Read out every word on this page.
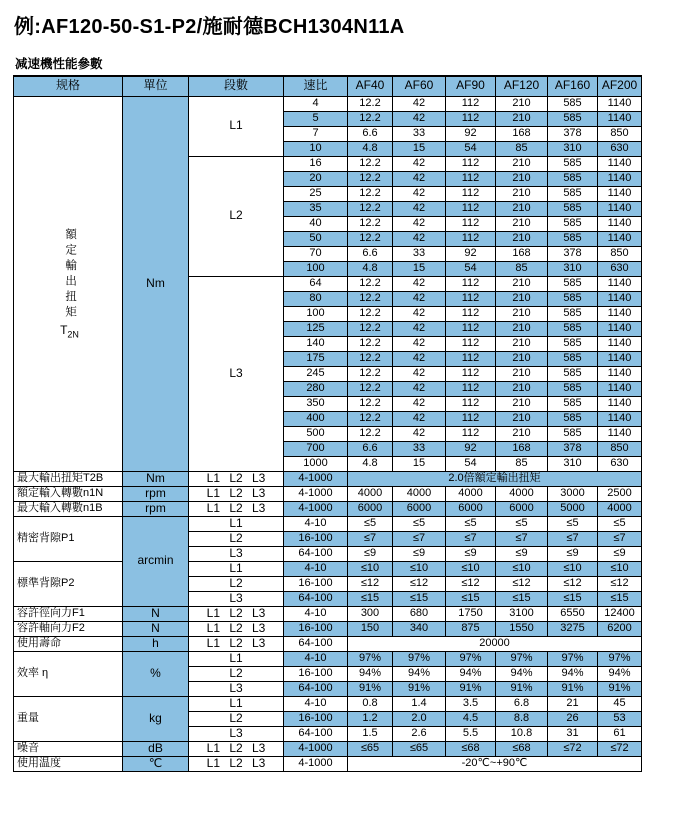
例:AF120-50-S1-P2/施耐德BCH1304N11A
减速機性能參數
规格	單位	段數	速比	AF40	AF60	AF90	AF120	AF160	AF200

額定輸出扭矩
$T_{2N}$	Nm	L1	4	12.2	42	112	210	585	1140
			5	12.2	42	112	210	585	1140
			7	6.6	33	92	168	378	850
			10	4.8	15	54	85	310	630
		L2	16	12.2	42	112	210	585	1140
			20	12.2	42	112	210	585	1140
			25	12.2	42	112	210	585	1140
			35	12.2	42	112	210	585	1140
			40	12.2	42	112	210	585	1140
			50	12.2	42	112	210	585	1140
			70	6.6	33	92	168	378	850
			100	4.8	15	54	85	310	630
		L3	64	12.2	42	112	210	585	1140
			80	12.2	42	112	210	585	1140
			100	12.2	42	112	210	585	1140
			125	12.2	42	112	210	585	1140
			140	12.2	42	112	210	585	1140
			175	12.2	42	112	210	585	1140
			245	12.2	42	112	210	585	1140
			280	12.2	42	112	210	585	1140
			350	12.2	42	112	210	585	1140
			400	12.2	42	112	210	585	1140
			500	12.2	42	112	210	585	1140
			700	6.6	33	92	168	378	850
			1000	4.8	15	54	85	310	630
最大輸出扭矩T2B	Nm	L1 L2 L3	4-1000	2.0倍額定輸出扭矩					
額定輸入轉數n1N	rpm	L1 L2 L3	4-1000	4000	4000	4000	4000	3000	2500
最大輸入轉數n1B	rpm	L1 L2 L3	4-1000	6000	6000	6000	6000	5000	4000
精密背隙P1	arcmin	L1	4-10	≤5	≤5	≤5	≤5	≤5	≤5
		L2	16-100	≤7	≤7	≤7	≤7	≤7	≤7
		L3	64-100	≤9	≤9	≤9	≤9	≤9	≤9
標準背隙P2		L1	4-10	≤10	≤10	≤10	≤10	≤10	≤10
		L2	16-100	≤12	≤12	≤12	≤12	≤12	≤12
		L3	64-100	≤15	≤15	≤15	≤15	≤15	≤15
容許徑向力F1	N	L1 L2 L3	4-10	300	680	1750	3100	6550	12400
容許軸向力F2	N	L1 L2 L3	16-100	150	340	875	1550	3275	6200
使用壽命	h	L1 L2 L3	64-100	20000					
效率 η	%	L1	4-10	97%	97%	97%	97%	97%	97%
		L2	16-100	94%	94%	94%	94%	94%	94%
		L3	64-100	91%	91%	91%	91%	91%	91%
重量	kg	L1	4-10	0.8	1.4	3.5	6.8	21	45
		L2	16-100	1.2	2.0	4.5	8.8	26	53
		L3	64-100	1.5	2.6	5.5	10.8	31	61
噪音	dB	L1 L2 L3	4-1000	≤65	≤65	≤68	≤68	≤72	≤72
使用温度	℃	L1 L2 L3	4-1000	-20℃~+90℃					
